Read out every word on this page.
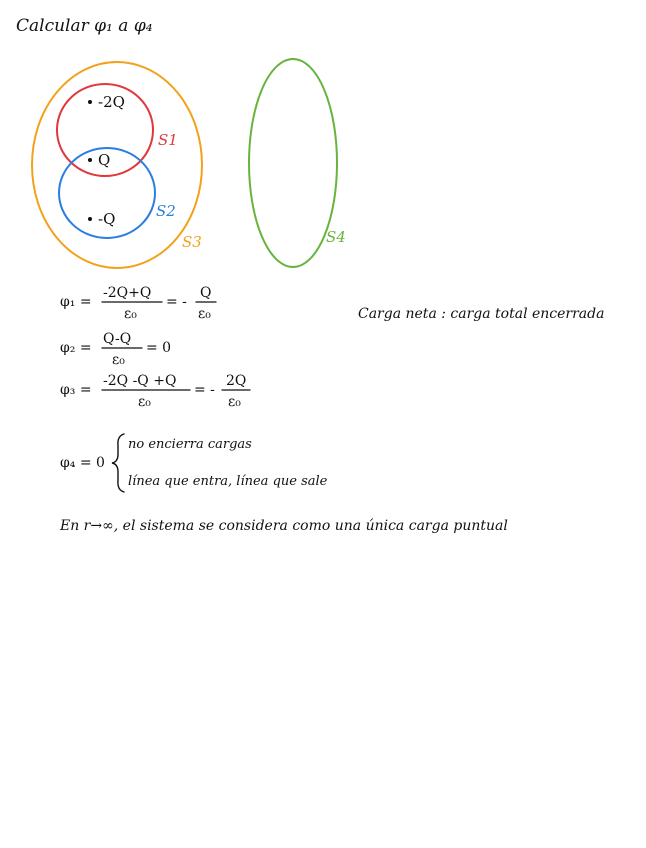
Calcular φ₁ a φ₄
S3
S1
S2
S4
-2Q
Q
-Q
φ₁ =
-2Q+Q
ε₀
= -
Q
ε₀	Carga neta : carga total encerrada
φ₂ =
Q-Q
ε₀
= 0
φ₃ =
-2Q -Q +Q
ε₀
= -
2Q
ε₀
φ₄ = 0
no encierra cargas
línea que entra, línea que sale
En r→∞, el sistema se considera como una única carga puntual
